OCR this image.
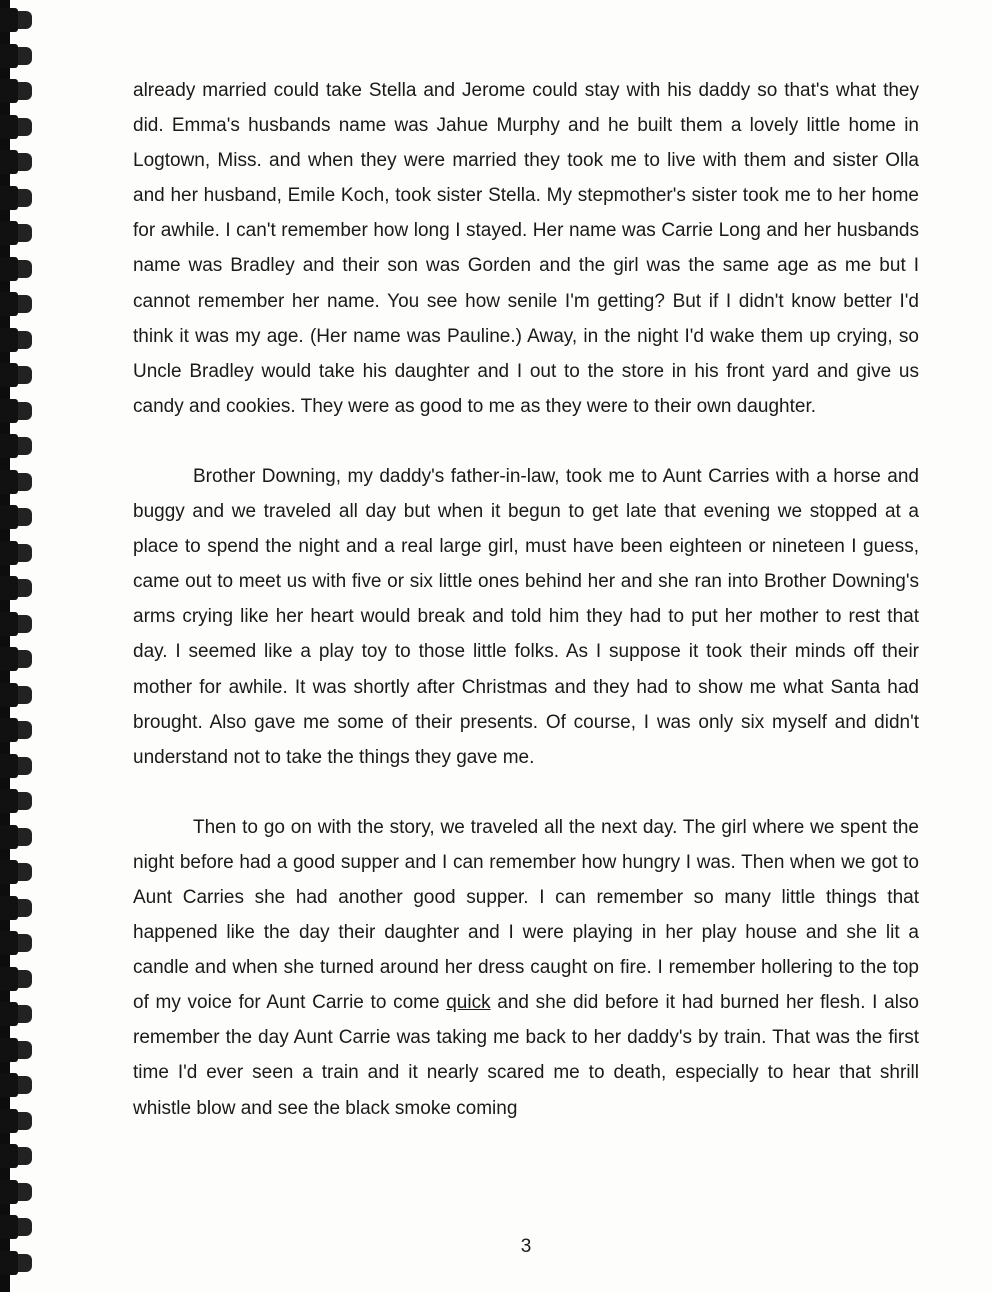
already married could take Stella and Jerome could stay with his daddy so that's what they did. Emma's husbands name was Jahue Murphy and he built them a lovely little home in Logtown, Miss. and when they were married they took me to live with them and sister Olla and her husband, Emile Koch, took sister Stella. My stepmother's sister took me to her home for awhile. I can't remember how long I stayed. Her name was Carrie Long and her husbands name was Bradley and their son was Gorden and the girl was the same age as me but I cannot remember her name. You see how senile I'm getting? But if I didn't know better I'd think it was my age. (Her name was Pauline.) Away, in the night I'd wake them up crying, so Uncle Bradley would take his daughter and I out to the store in his front yard and give us candy and cookies. They were as good to me as they were to their own daughter.

Brother Downing, my daddy's father-in-law, took me to Aunt Carries with a horse and buggy and we traveled all day but when it begun to get late that evening we stopped at a place to spend the night and a real large girl, must have been eighteen or nineteen I guess, came out to meet us with five or six little ones behind her and she ran into Brother Downing's arms crying like her heart would break and told him they had to put her mother to rest that day. I seemed like a play toy to those little folks. As I suppose it took their minds off their mother for awhile. It was shortly after Christmas and they had to show me what Santa had brought. Also gave me some of their presents. Of course, I was only six myself and didn't understand not to take the things they gave me.

Then to go on with the story, we traveled all the next day. The girl where we spent the night before had a good supper and I can remember how hungry I was. Then when we got to Aunt Carries she had another good supper. I can remember so many little things that happened like the day their daughter and I were playing in her play house and she lit a candle and when she turned around her dress caught on fire. I remember hollering to the top of my voice for Aunt Carrie to come quick and she did before it had burned her flesh. I also remember the day Aunt Carrie was taking me back to her daddy's by train. That was the first time I'd ever seen a train and it nearly scared me to death, especially to hear that shrill whistle blow and see the black smoke coming

3
